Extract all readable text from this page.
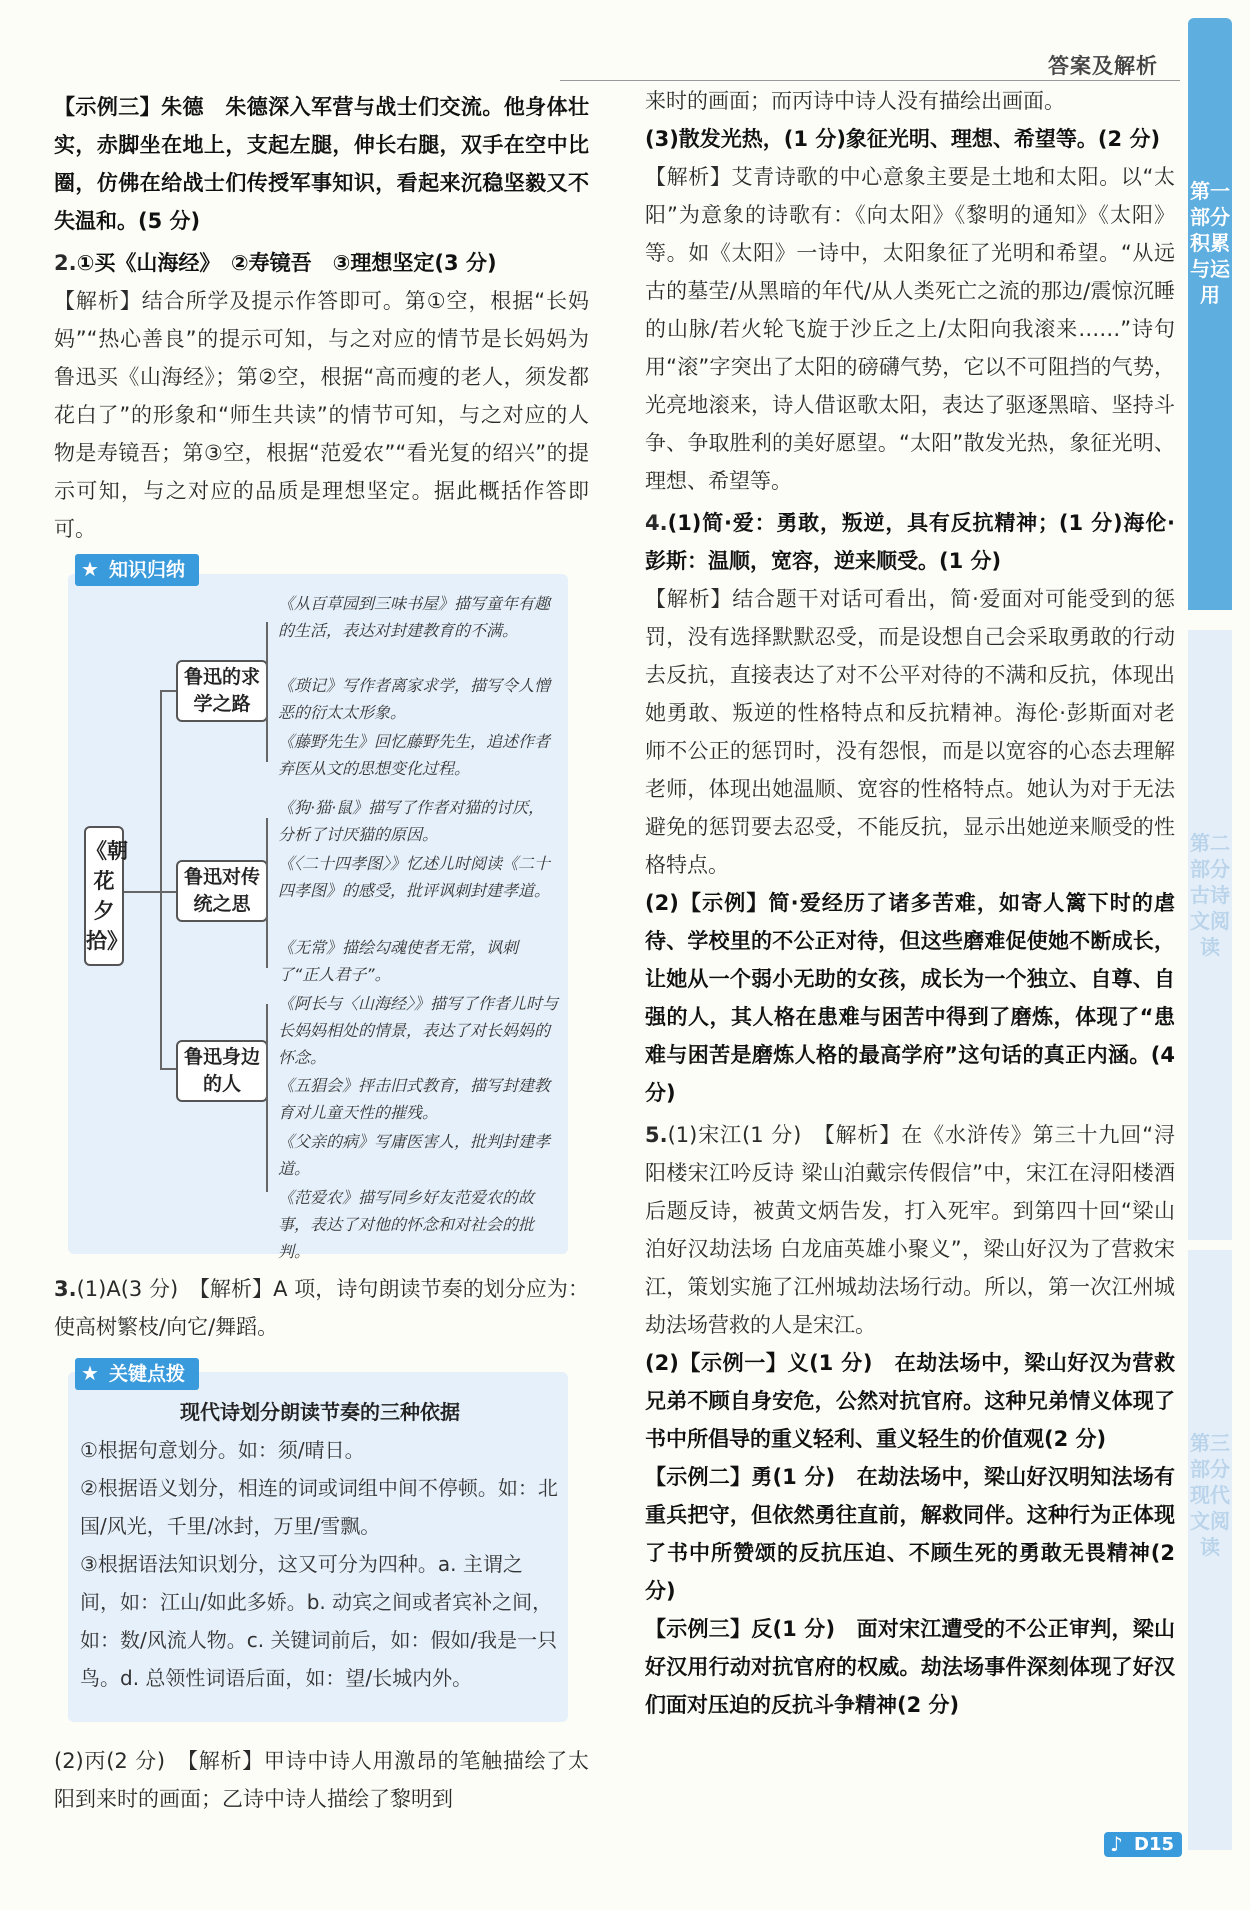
答案及解析

【示例三】朱德　朱德深入军营与战士们交流。他身体壮实，赤脚坐在地上，支起左腿，伸长右腿，双手在空中比圈，仿佛在给战士们传授军事知识，看起来沉稳坚毅又不失温和。(5 分)

2.①买《山海经》　②寿镜吾　③理想坚定(3 分)

【解析】结合所学及提示作答即可。第①空，根据“长妈妈”“热心善良”的提示可知，与之对应的情节是长妈妈为鲁迅买《山海经》；第②空，根据“高而瘦的老人，须发都花白了”的形象和“师生共读”的情节可知，与之对应的人物是寿镜吾；第③空，根据“范爱农”“看光复的绍兴”的提示可知，与之对应的品质是理想坚定。据此概括作答即可。

★ 知识归纳
《朝花夕拾》
鲁迅的求学之路
鲁迅对传统之思
鲁迅身边的人
《从百草园到三味书屋》描写童年有趣的生活，表达对封建教育的不满。
《琐记》写作者离家求学，描写令人憎恶的衍太太形象。
《藤野先生》回忆藤野先生，追述作者弃医从文的思想变化过程。
《狗·猫·鼠》描写了作者对猫的讨厌，分析了讨厌猫的原因。
《〈二十四孝图〉》忆述儿时阅读《二十四孝图》的感受，批评讽刺封建孝道。
《无常》描绘勾魂使者无常，讽刺了“正人君子”。
《阿长与〈山海经〉》描写了作者儿时与长妈妈相处的情景，表达了对长妈妈的怀念。
《五猖会》抨击旧式教育，描写封建教育对儿童天性的摧残。
《父亲的病》写庸医害人，批判封建孝道。
《范爱农》描写同乡好友范爱农的故事，表达了对他的怀念和对社会的批判。

3.(1)A(3 分)　【解析】A 项，诗句朗读节奏的划分应为：使高树繁枝/向它/舞蹈。

★ 关键点拨
现代诗划分朗读节奏的三种依据
①根据句意划分。如：须/晴日。
②根据语义划分，相连的词或词组中间不停顿。如：北国/风光，千里/冰封，万里/雪飘。
③根据语法知识划分，这又可分为四种。a. 主谓之间，如：江山/如此多娇。b. 动宾之间或者宾补之间，如：数/风流人物。c. 关键词前后，如：假如/我是一只鸟。d. 总领性词语后面，如：望/长城内外。

(2)丙(2 分)　【解析】甲诗中诗人用激昂的笔触描绘了太阳到来时的画面；乙诗中诗人描绘了黎明到

来时的画面；而丙诗中诗人没有描绘出画面。

(3)散发光热，(1 分)象征光明、理想、希望等。(2 分)

【解析】艾青诗歌的中心意象主要是土地和太阳。以“太阳”为意象的诗歌有：《向太阳》《黎明的通知》《太阳》等。如《太阳》一诗中，太阳象征了光明和希望。“从远古的墓茔/从黑暗的年代/从人类死亡之流的那边/震惊沉睡的山脉/若火轮飞旋于沙丘之上/太阳向我滚来……”诗句用“滚”字突出了太阳的磅礴气势，它以不可阻挡的气势，光亮地滚来，诗人借讴歌太阳，表达了驱逐黑暗、坚持斗争、争取胜利的美好愿望。“太阳”散发光热，象征光明、理想、希望等。

4.(1)简·爱：勇敢，叛逆，具有反抗精神；(1 分)海伦·彭斯：温顺，宽容，逆来顺受。(1 分)

【解析】结合题干对话可看出，简·爱面对可能受到的惩罚，没有选择默默忍受，而是设想自己会采取勇敢的行动去反抗，直接表达了对不公平对待的不满和反抗，体现出她勇敢、叛逆的性格特点和反抗精神。海伦·彭斯面对老师不公正的惩罚时，没有怨恨，而是以宽容的心态去理解老师，体现出她温顺、宽容的性格特点。她认为对于无法避免的惩罚要去忍受，不能反抗，显示出她逆来顺受的性格特点。

(2)【示例】简·爱经历了诸多苦难，如寄人篱下时的虐待、学校里的不公正对待，但这些磨难促使她不断成长，让她从一个弱小无助的女孩，成长为一个独立、自尊、自强的人，其人格在患难与困苦中得到了磨炼，体现了“患难与困苦是磨炼人格的最高学府”这句话的真正内涵。(4 分)

5.(1)宋江(1 分)　【解析】在《水浒传》第三十九回“浔阳楼宋江吟反诗 梁山泊戴宗传假信”中，宋江在浔阳楼酒后题反诗，被黄文炳告发，打入死牢。到第四十回“梁山泊好汉劫法场 白龙庙英雄小聚义”，梁山好汉为了营救宋江，策划实施了江州城劫法场行动。所以，第一次江州城劫法场营救的人是宋江。

(2)【示例一】义(1 分)　在劫法场中，梁山好汉为营救兄弟不顾自身安危，公然对抗官府。这种兄弟情义体现了书中所倡导的重义轻利、重义轻生的价值观(2 分)

【示例二】勇(1 分)　在劫法场中，梁山好汉明知法场有重兵把守，但依然勇往直前，解救同伴。这种行为正体现了书中所赞颂的反抗压迫、不顾生死的勇敢无畏精神(2 分)

【示例三】反(1 分)　面对宋江遭受的不公正审判，梁山好汉用行动对抗官府的权威。劫法场事件深刻体现了好汉们面对压迫的反抗斗争精神(2 分)

第一部分 积累与运用
第二部分 古诗文阅读
第三部分 现代文阅读
♪ D15
